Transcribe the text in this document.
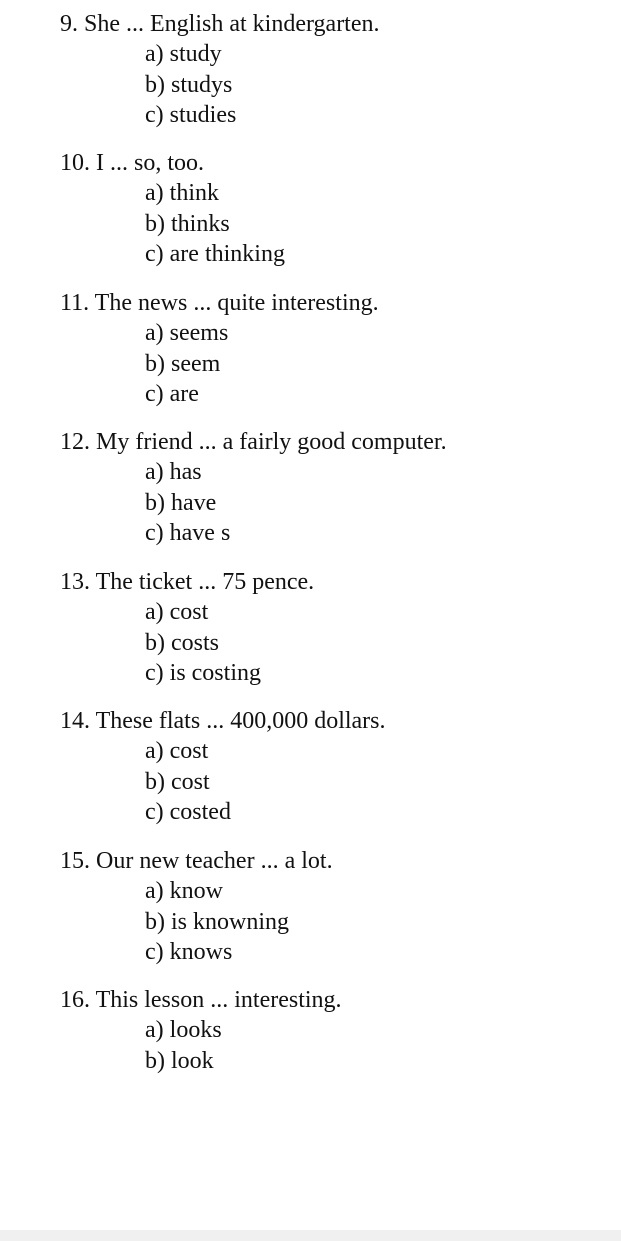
9. She ... English at kindergarten.

a) study
b) studys
c) studies

10. I ... so, too.

a) think
b) thinks
c) are thinking

11. The news ... quite interesting.

a) seems
b) seem
c) are

12. My friend ... a fairly good computer.

a) has
b) have
c) have s

13. The ticket ... 75 pence.

a) cost
b) costs
c) is costing

14. These flats ... 400,000 dollars.

a) cost
b) cost
c) costed

15. Our new teacher ... a lot.

a) know
b) is knowning
c) knows

16. This lesson ... interesting.

a) looks
b) look
